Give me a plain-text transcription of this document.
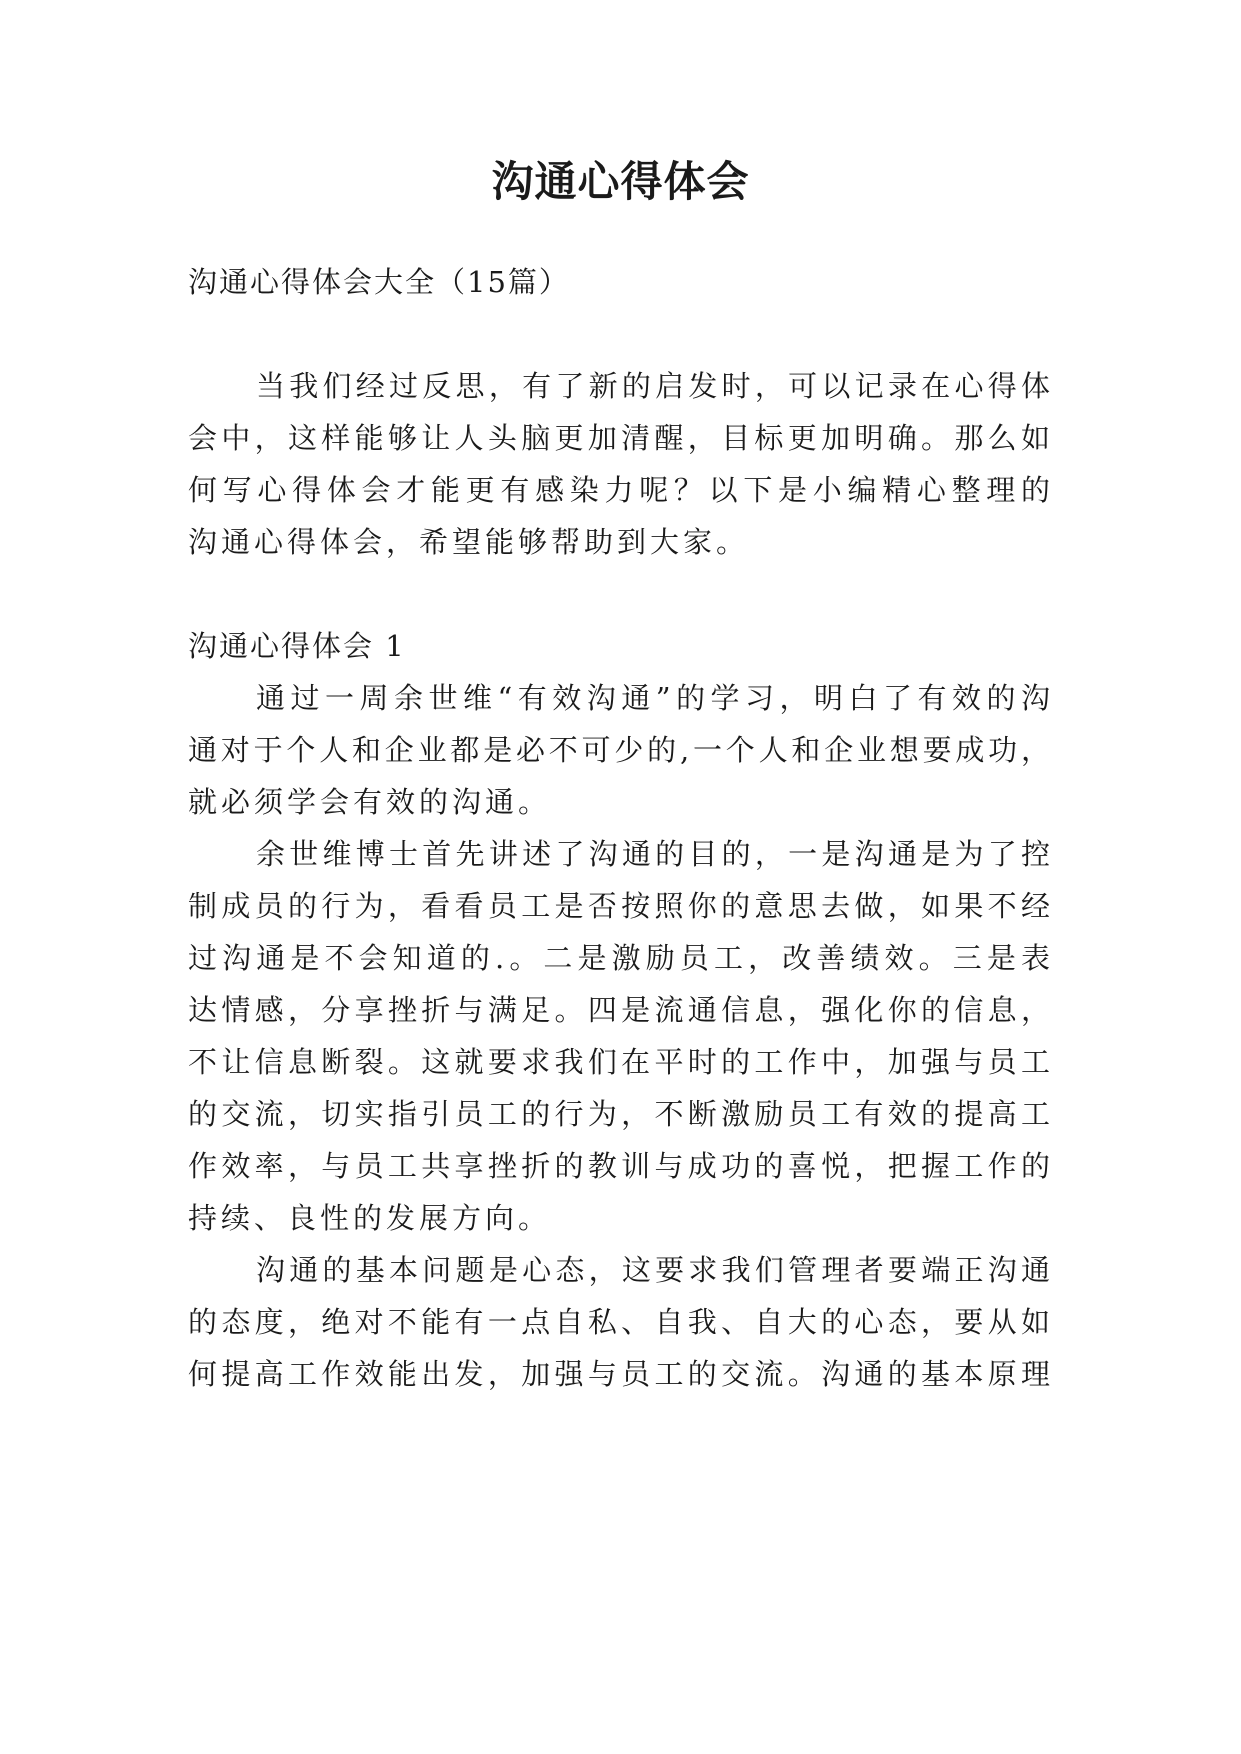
沟通心得体会
沟通心得体会大全（15篇）
当我们经过反思，有了新的启发时，可以记录在心得体
会中，这样能够让人头脑更加清醒，目标更加明确。那么如
何写心得体会才能更有感染力呢？以下是小编精心整理的
沟通心得体会，希望能够帮助到大家。
沟通心得体会 1
通过一周余世维“有效沟通”的学习，明白了有效的沟
通对于个人和企业都是必不可少的,一个人和企业想要成功，
就必须学会有效的沟通。
余世维博士首先讲述了沟通的目的，一是沟通是为了控
制成员的行为，看看员工是否按照你的意思去做，如果不经
过沟通是不会知道的.。二是激励员工，改善绩效。三是表
达情感，分享挫折与满足。四是流通信息，强化你的信息，
不让信息断裂。这就要求我们在平时的工作中，加强与员工
的交流，切实指引员工的行为，不断激励员工有效的提高工
作效率，与员工共享挫折的教训与成功的喜悦，把握工作的
持续、良性的发展方向。
沟通的基本问题是心态，这要求我们管理者要端正沟通
的态度，绝对不能有一点自私、自我、自大的心态，要从如
何提高工作效能出发，加强与员工的交流。沟通的基本原理
